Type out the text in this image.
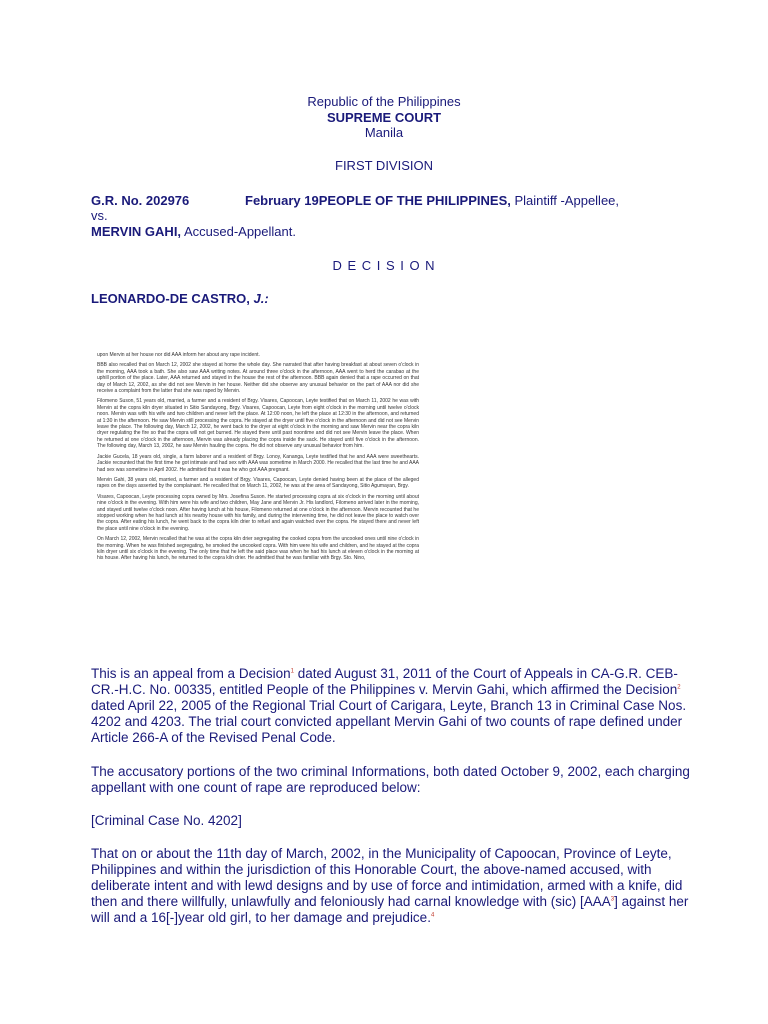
Republic of the Philippines
SUPREME COURT
Manila
FIRST DIVISION
G.R. No. 202976	February 19PEOPLE OF THE PHILIPPINES, Plaintiff -Appellee,
vs.
MERVIN GAHI, Accused-Appellant.
D E C I S I O N
LEONARDO-DE CASTRO, J.:

upon Mervin at her house nor did AAA inform her about any rape incident.

BBB also recalled that on March 12, 2002 she stayed at home the whole day. She narrated that after having breakfast at about seven o'clock in the morning, AAA took a bath. She also saw AAA writing notes. At around three o'clock in the afternoon, AAA went to herd the carabao at the uphill portion of the place. Later, AAA returned and stayed in the house the rest of the afternoon. BBB again denied that a rape occurred on that day of March 12, 2002, as she did not see Mervin in her house. Neither did she observe any unusual behavior on the part of AAA nor did she receive a complaint from the latter that she was raped by Mervin.

Filomeno Suson, 51 years old, married, a farmer and a resident of Brgy. Visares, Capoocan, Leyte testified that on March 11, 2002 he was with Mervin at the copra kiln dryer situated in Sitio Sandayong, Brgy. Visares, Capoocan, Leyte from eight o'clock in the morning until twelve o'clock noon. Mervin was with his wife and two children and never left the place. At 12:00 noon, he left the place at 12:30 in the afternoon, and returned at 1:30 in the afternoon. He saw Mervin still processing the copra. He stayed at the dryer until five o'clock in the afternoon and did not see Mervin leave the place. The following day, March 12, 2002, he went back to the dryer at eight o'clock in the morning and saw Mervin near the copra kiln dryer regulating the fire so that the copra will not get burned. He stayed there until past noontime and did not see Mervin leave the place. When he returned at one o'clock in the afternoon, Mervin was already placing the copra inside the sack. He stayed until five o'clock in the afternoon. The following day, March 13, 2002, he saw Mervin hauling the copra. He did not observe any unusual behavior from him.

Jackie Gucela, 18 years old, single, a farm laborer and a resident of Brgy. Lonoy, Kananga, Leyte testified that he and AAA were sweethearts. Jackie recounted that the first time he got intimate and had sex with AAA was sometime in March 2000. He recalled that the last time he and AAA had sex was sometime in April 2002. He admitted that it was he who got AAA pregnant.

Mervin Gahi, 38 years old, married, a farmer and a resident of Brgy. Visares, Capoocan, Leyte denied having been at the place of the alleged rapes on the days asserted by the complainant. He recalled that on March 11, 2002, he was at the area of Sandayong, Sitio Agumayan, Brgy.

Visares, Capoocan, Leyte processing copra owned by Mrs. Josefina Suson. He started processing copra at six o'clock in the morning until about nine o'clock in the evening. With him were his wife and two children, May Jane and Mervin Jr. His landlord, Filomeno arrived later in the morning, and stayed until twelve o'clock noon. After having lunch at his house, Filomeno returned at one o'clock in the afternoon. Mervin recounted that he stopped working when he had lunch at his nearby house with his family, and during the intervening time, he did not leave the place to watch over the copra. After eating his lunch, he went back to the copra kiln drier to refuel and again watched over the copra. He stayed there and never left the place until nine o'clock in the evening.

On March 12, 2002, Mervin recalled that he was at the copra kiln drier segregating the cooked copra from the uncooked ones until nine o'clock in the morning. When he was finished segregating, he smoked the uncooked copra. With him were his wife and children, and he stayed at the copra kiln dryer until six o'clock in the evening. The only time that he left the said place was when he had his lunch at eleven o'clock in the morning at his house. After having his lunch, he returned to the copra kiln drier. He admitted that he was familiar with Brgy. Sto. Nino,

This is an appeal from a Decision$^1$ dated August 31, 2011 of the Court of Appeals in CA-G.R. CEB-CR.-H.C. No. 00335, entitled People of the Philippines v. Mervin Gahi, which affirmed the Decision$^2$ dated April 22, 2005 of the Regional Trial Court of Carigara, Leyte, Branch 13 in Criminal Case Nos. 4202 and 4203. The trial court convicted appellant Mervin Gahi of two counts of rape defined under Article 266-A of the Revised Penal Code.
The accusatory portions of the two criminal Informations, both dated October 9, 2002, each charging appellant with one count of rape are reproduced below:
[Criminal Case No. 4202]
That on or about the 11th day of March, 2002, in the Municipality of Capoocan, Province of Leyte, Philippines and within the jurisdiction of this Honorable Court, the above-named accused, with deliberate intent and with lewd designs and by use of force and intimidation, armed with a knife, did then and there willfully, unlawfully and feloniously had carnal knowledge with (sic) [AAA$^3$] against her will and a 16[-]year old girl, to her damage and prejudice.$^4$
